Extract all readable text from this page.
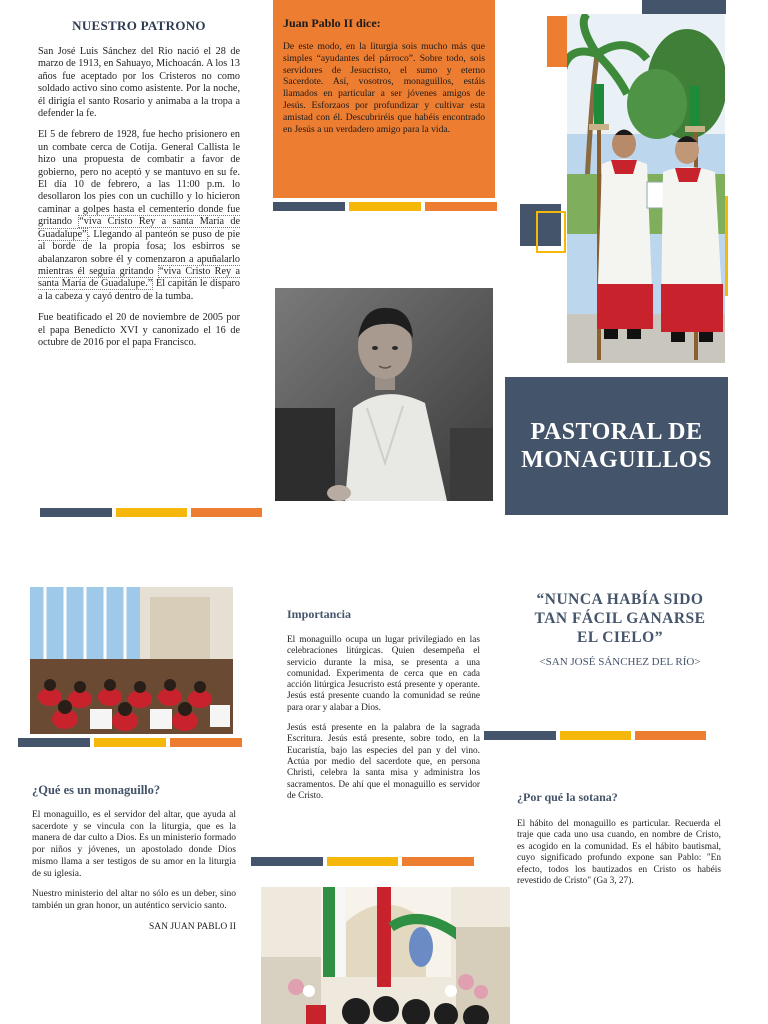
NUESTRO PATRONO

San José Luis Sánchez del Rio nació el 28 de marzo de 1913, en Sahuayo, Michoacán. A los 13 años fue aceptado por los Cristeros no como soldado activo sino como asistente. Por la noche, él dirigía el santo Rosario y animaba a la tropa a defender la fe.

El 5 de febrero de 1928, fue hecho prisionero en un combate cerca de Cotija. General Callista le hizo una propuesta de combatir a favor de gobierno, pero no aceptó y se mantuvo en su fe. El día 10 de febrero, a las 11:00 p.m. lo desollaron los pies con un cuchillo y lo hicieron caminar a golpes hasta el cementerio donde fue gritando “viva Cristo Rey a santa María de Guadalupe”. Llegando al panteón se puso de pie al borde de la propia fosa; los esbirros se abalanzaron sobre él y comenzaron a apuñalarlo mientras él seguía gritando “viva Cristo Rey a santa María de Guadalupe.” El capitán le disparo a la cabeza y cayó dentro de la tumba.

Fue beatificado el 20 de noviembre de 2005 por el papa Benedicto XVI y canonizado el 16 de octubre de 2016 por el papa Francisco.

Juan Pablo II dice:
De este modo, en la liturgia sois mucho más que simples “ayudantes del párroco”. Sobre todo, sois servidores de Jesucristo, el sumo y eterno Sacerdote. Así, vosotros, monaguillos, estáis llamados en particular a ser jóvenes amigos de Jesús. Esforzaos por profundizar y cultivar esta amistad con él. Descubriréis que habéis encontrado en Jesús a un verdadero amigo para la vida.
PASTORAL DE
MONAGUILLOS
¿Qué es un monaguillo?

El monaguillo, es el servidor del altar, que ayuda al sacerdote y se vincula con la liturgia, que es la manera de dar culto a Dios. Es un ministerio formado por niños y jóvenes, un apostolado donde Dios mismo llama a ser testigos de su amor en la liturgia de su iglesia.

Nuestro ministerio del altar no sólo es un deber, sino también un gran honor, un auténtico servicio santo.

SAN JUAN PABLO II
Importancia

El monaguillo ocupa un lugar privilegiado en las celebraciones litúrgicas. Quien desempeña el servicio durante la misa, se presenta a una comunidad. Experimenta de cerca que en cada acción litúrgica Jesucristo está presente y operante. Jesús está presente cuando la comunidad se reúne para orar y alabar a Dios.

Jesús está presente en la palabra de la sagrada Escritura. Jesús está presente, sobre todo, en la Eucaristía, bajo las especies del pan y del vino. Actúa por medio del sacerdote que, en persona Christi, celebra la santa misa y administra los sacramentos. De ahí que el monaguillo es servidor de Cristo.

“NUNCA HABÍA SIDO
TAN FÁCIL GANARSE
EL CIELO”
<SAN JOSÉ SÁNCHEZ DEL RÍO>
¿Por qué la sotana?
El hábito del monaguillo es particular. Recuerda el traje que cada uno usa cuando, en nombre de Cristo, es acogido en la comunidad. Es el hábito bautismal, cuyo significado profundo expone san Pablo: "En efecto, todos los bautizados en Cristo os habéis revestido de Cristo" (Ga 3, 27).
